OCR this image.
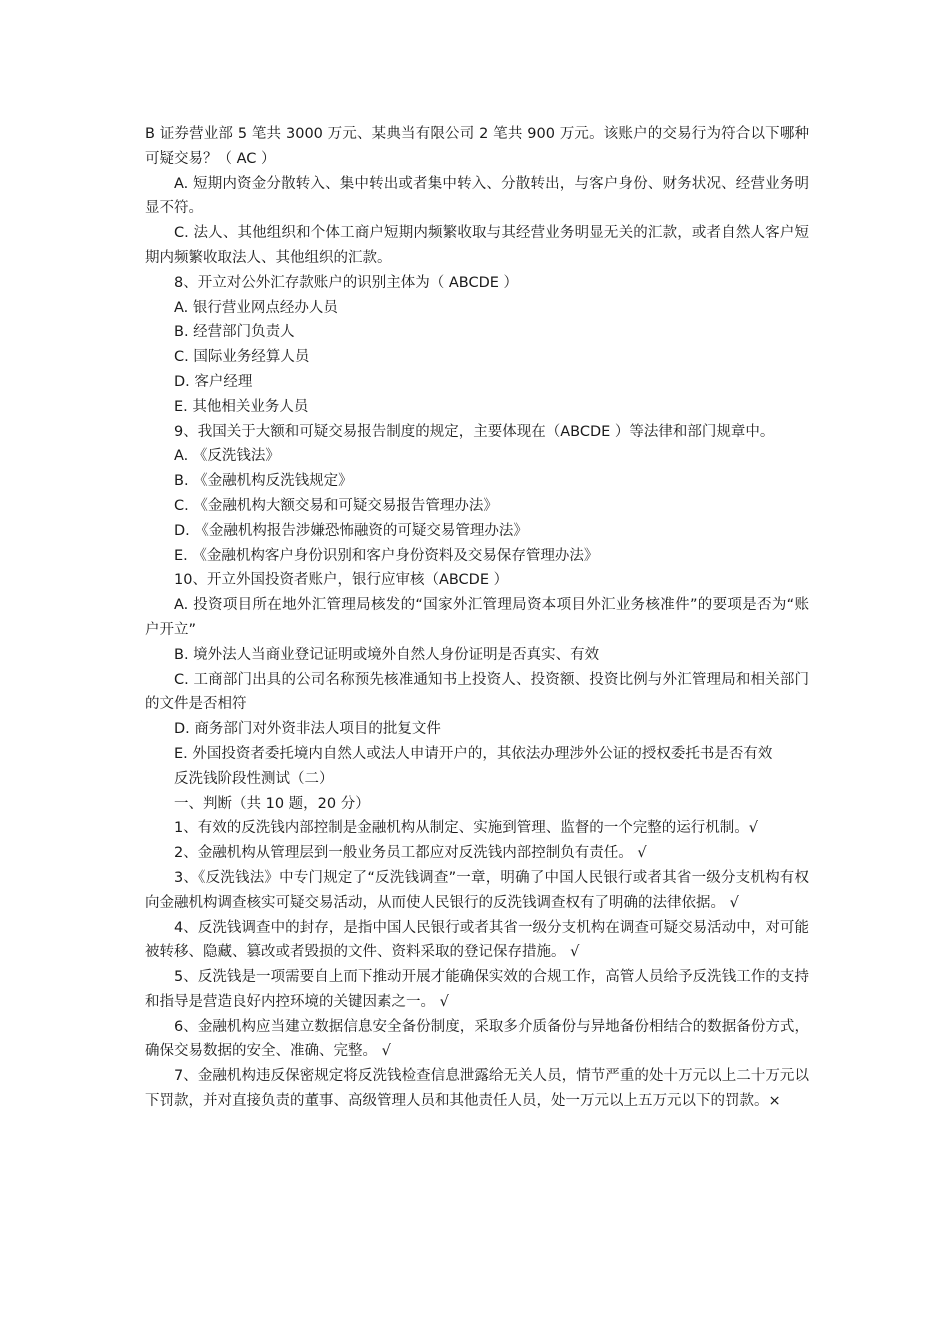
B 证券营业部 5 笔共 3000 万元、某典当有限公司 2 笔共 900 万元。该账户的交易行为符合以下哪种可疑交易？（ AC ）

A. 短期内资金分散转入、集中转出或者集中转入、分散转出，与客户身份、财务状况、经营业务明显不符。

C. 法人、其他组织和个体工商户短期内频繁收取与其经营业务明显无关的汇款，或者自然人客户短期内频繁收取法人、其他组织的汇款。

8、开立对公外汇存款账户的识别主体为（ ABCDE ）

A. 银行营业网点经办人员

B. 经营部门负责人

C. 国际业务经算人员

D. 客户经理

E. 其他相关业务人员

9、我国关于大额和可疑交易报告制度的规定，主要体现在（ABCDE ）等法律和部门规章中。

A. 《反洗钱法》

B. 《金融机构反洗钱规定》

C. 《金融机构大额交易和可疑交易报告管理办法》

D. 《金融机构报告涉嫌恐怖融资的可疑交易管理办法》

E. 《金融机构客户身份识别和客户身份资料及交易保存管理办法》

10、开立外国投资者账户，银行应审核（ABCDE ）

A. 投资项目所在地外汇管理局核发的“国家外汇管理局资本项目外汇业务核准件”的要项是否为“账户开立”

B. 境外法人当商业登记证明或境外自然人身份证明是否真实、有效

C. 工商部门出具的公司名称预先核准通知书上投资人、投资额、投资比例与外汇管理局和相关部门的文件是否相符

D. 商务部门对外资非法人项目的批复文件

E. 外国投资者委托境内自然人或法人申请开户的，其依法办理涉外公证的授权委托书是否有效

反洗钱阶段性测试（二）

一、判断（共 10 题，20 分）

1、有效的反洗钱内部控制是金融机构从制定、实施到管理、监督的一个完整的运行机制。√

2、金融机构从管理层到一般业务员工都应对反洗钱内部控制负有责任。 √

3、《反洗钱法》中专门规定了“反洗钱调查”一章，明确了中国人民银行或者其省一级分支机构有权向金融机构调查核实可疑交易活动，从而使人民银行的反洗钱调查权有了明确的法律依据。 √

4、反洗钱调查中的封存，是指中国人民银行或者其省一级分支机构在调查可疑交易活动中，对可能被转移、隐藏、篡改或者毁损的文件、资料采取的登记保存措施。 √

5、反洗钱是一项需要自上而下推动开展才能确保实效的合规工作，高管人员给予反洗钱工作的支持和指导是营造良好内控环境的关键因素之一。 √

6、金融机构应当建立数据信息安全备份制度，采取多介质备份与异地备份相结合的数据备份方式，确保交易数据的安全、准确、完整。 √

7、金融机构违反保密规定将反洗钱检查信息泄露给无关人员，情节严重的处十万元以上二十万元以下罚款，并对直接负责的董事、高级管理人员和其他责任人员，处一万元以上五万元以下的罚款。×
